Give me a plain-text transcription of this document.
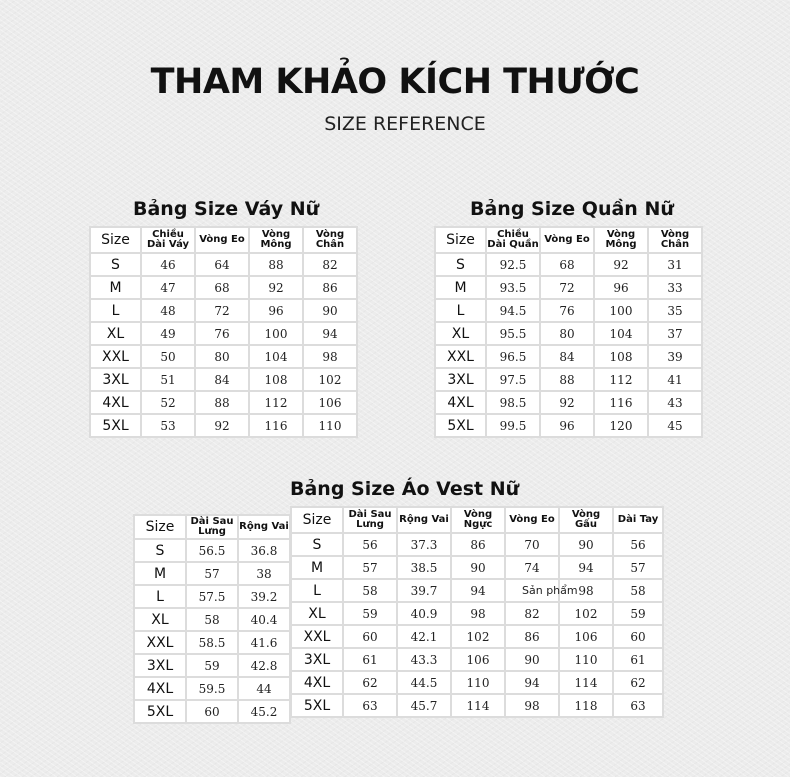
THAM KHẢO KÍCH THƯỚC
SIZE REFERENCE
Bảng Size Váy Nữ
Size	Chiều Dài Váy	Vòng Eo	Vòng Mông	Vòng Chân
S	46	64	88	82
M	47	68	92	86
L	48	72	96	90
XL	49	76	100	94
XXL	50	80	104	98
3XL	51	84	108	102
4XL	52	88	112	106
5XL	53	92	116	110
Bảng Size Quần Nữ
Size	Chiều Dài Quần	Vòng Eo	Vòng Mông	Vòng Chân
S	92.5	68	92	31
M	93.5	72	96	33
L	94.5	76	100	35
XL	95.5	80	104	37
XXL	96.5	84	108	39
3XL	97.5	88	112	41
4XL	98.5	92	116	43
5XL	99.5	96	120	45
Bảng Size Áo Vest Nữ
Size	Dài Sau Lưng	Rộng Vai
S	56.5	36.8
M	57	38
L	57.5	39.2
XL	58	40.4
XXL	58.5	41.6
3XL	59	42.8
4XL	59.5	44
5XL	60	45.2
Size	Dài Sau Lưng	Rộng Vai	Vòng Ngực	Vòng Eo	Vòng Gấu	Dài Tay
S	56	37.3	86	70	90	56
M	57	38.5	90	74	94	57
L	58	39.7	94		98	58
XL	59	40.9	98	82	102	59
XXL	60	42.1	102	86	106	60
3XL	61	43.3	106	90	110	61
4XL	62	44.5	110	94	114	62
5XL	63	45.7	114	98	118	63
Sản phẩm
